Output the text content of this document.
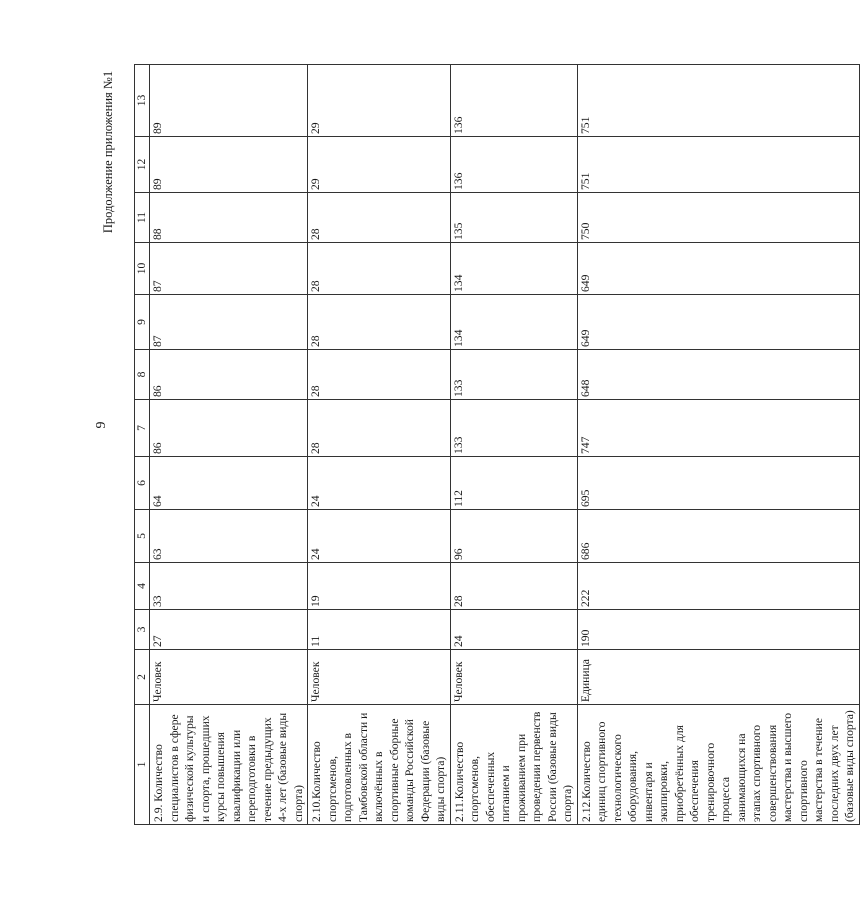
9
Продолжение приложения №1
1	2	3	4	5	6	7	8	9	10	11	12	13
2.9. Количество специалистов в сфере физической культуры и спорта, прошедших курсы повышения квалификации или переподготовки в течение предыдущих 4-х лет (базовые виды спорта)	Человек	27	33	63	64	86	86	87	87	88	89	89
2.10.Количество спортсменов, подготовленных в Тамбовской области и включённых в спортивные сборные команды Российской Федерации (базовые виды спорта)	Человек	11	19	24	24	28	28	28	28	28	29	29
2.11.Количество спортсменов, обеспеченных питанием и проживанием при проведении первенств России (базовые виды спорта)	Человек	24	28	96	112	133	133	134	134	135	136	136
2.12.Количество единиц спортивного технологического оборудования, инвентаря и экипировки, приобретённых для обеспечения тренировочного процесса занимающихся на этапах спортивного совершенствования мастерства и высшего спортивного мастерства в течение последних двух лет (базовые виды спорта)	Единица	190	222	686	695	747	648	649	649	750	751	751
